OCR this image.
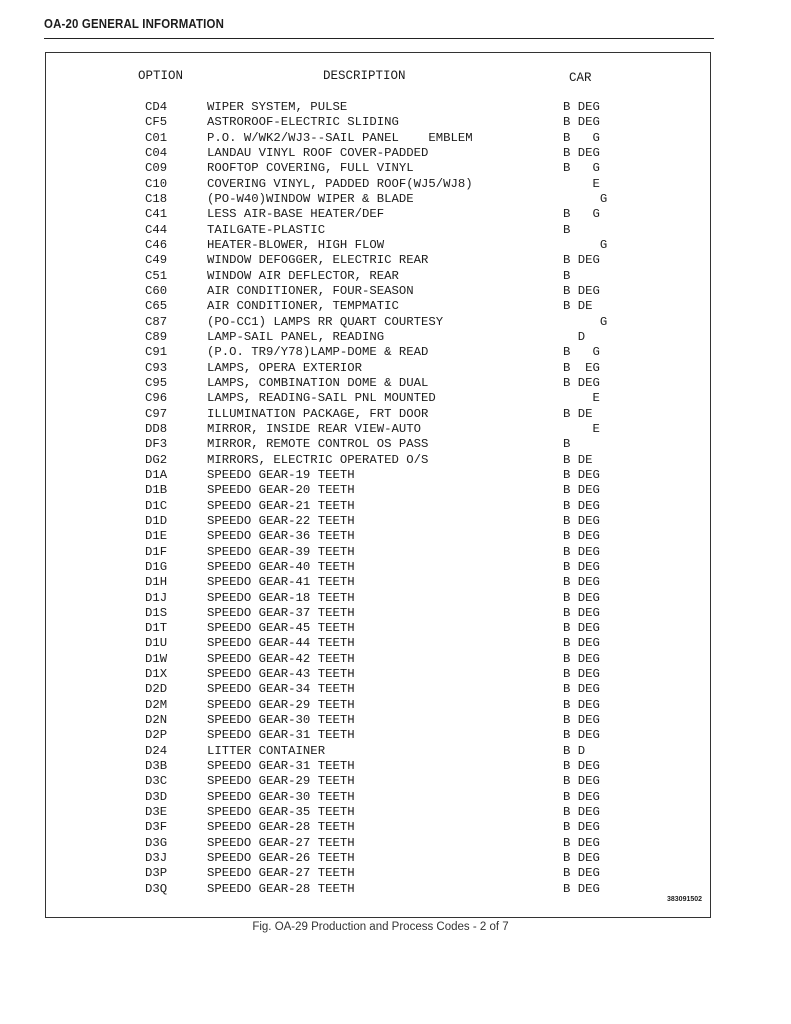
OA-20 GENERAL INFORMATION
OPTION	DESCRIPTION	CAR
CD4	WIPER SYSTEM, PULSE	B DEG
CF5	ASTROROOF-ELECTRIC SLIDING	B DEG
C01	P.O. W/WK2/WJ3--SAIL PANEL    EMBLEM	B   G
C04	LANDAU VINYL ROOF COVER-PADDED	B DEG
C09	ROOFTOP COVERING, FULL VINYL	B   G
C10	COVERING VINYL, PADDED ROOF(WJ5/WJ8)	E
C18	(PO-W40)WINDOW WIPER & BLADE	G
C41	LESS AIR-BASE HEATER/DEF	B   G
C44	TAILGATE-PLASTIC	B
C46	HEATER-BLOWER, HIGH FLOW	G
C49	WINDOW DEFOGGER, ELECTRIC REAR	B DEG
C51	WINDOW AIR DEFLECTOR, REAR	B
C60	AIR CONDITIONER, FOUR-SEASON	B DEG
C65	AIR CONDITIONER, TEMPMATIC	B DE
C87	(PO-CC1) LAMPS RR QUART COURTESY	G
C89	LAMP-SAIL PANEL, READING	D
C91	(P.O. TR9/Y78)LAMP-DOME & READ	B   G
C93	LAMPS, OPERA EXTERIOR	B  EG
C95	LAMPS, COMBINATION DOME & DUAL	B DEG
C96	LAMPS, READING-SAIL PNL MOUNTED	E
C97	ILLUMINATION PACKAGE, FRT DOOR	B DE
DD8	MIRROR, INSIDE REAR VIEW-AUTO	E
DF3	MIRROR, REMOTE CONTROL OS PASS	B
DG2	MIRRORS, ELECTRIC OPERATED O/S	B DE
D1A	SPEEDO GEAR-19 TEETH	B DEG
D1B	SPEEDO GEAR-20 TEETH	B DEG
D1C	SPEEDO GEAR-21 TEETH	B DEG
D1D	SPEEDO GEAR-22 TEETH	B DEG
D1E	SPEEDO GEAR-36 TEETH	B DEG
D1F	SPEEDO GEAR-39 TEETH	B DEG
D1G	SPEEDO GEAR-40 TEETH	B DEG
D1H	SPEEDO GEAR-41 TEETH	B DEG
D1J	SPEEDO GEAR-18 TEETH	B DEG
D1S	SPEEDO GEAR-37 TEETH	B DEG
D1T	SPEEDO GEAR-45 TEETH	B DEG
D1U	SPEEDO GEAR-44 TEETH	B DEG
D1W	SPEEDO GEAR-42 TEETH	B DEG
D1X	SPEEDO GEAR-43 TEETH	B DEG
D2D	SPEEDO GEAR-34 TEETH	B DEG
D2M	SPEEDO GEAR-29 TEETH	B DEG
D2N	SPEEDO GEAR-30 TEETH	B DEG
D2P	SPEEDO GEAR-31 TEETH	B DEG
D24	LITTER CONTAINER	B D
D3B	SPEEDO GEAR-31 TEETH	B DEG
D3C	SPEEDO GEAR-29 TEETH	B DEG
D3D	SPEEDO GEAR-30 TEETH	B DEG
D3E	SPEEDO GEAR-35 TEETH	B DEG
D3F	SPEEDO GEAR-28 TEETH	B DEG
D3G	SPEEDO GEAR-27 TEETH	B DEG
D3J	SPEEDO GEAR-26 TEETH	B DEG
D3P	SPEEDO GEAR-27 TEETH	B DEG
D3Q	SPEEDO GEAR-28 TEETH	B DEG
383091502
Fig. OA-29 Production and Process Codes - 2 of 7
